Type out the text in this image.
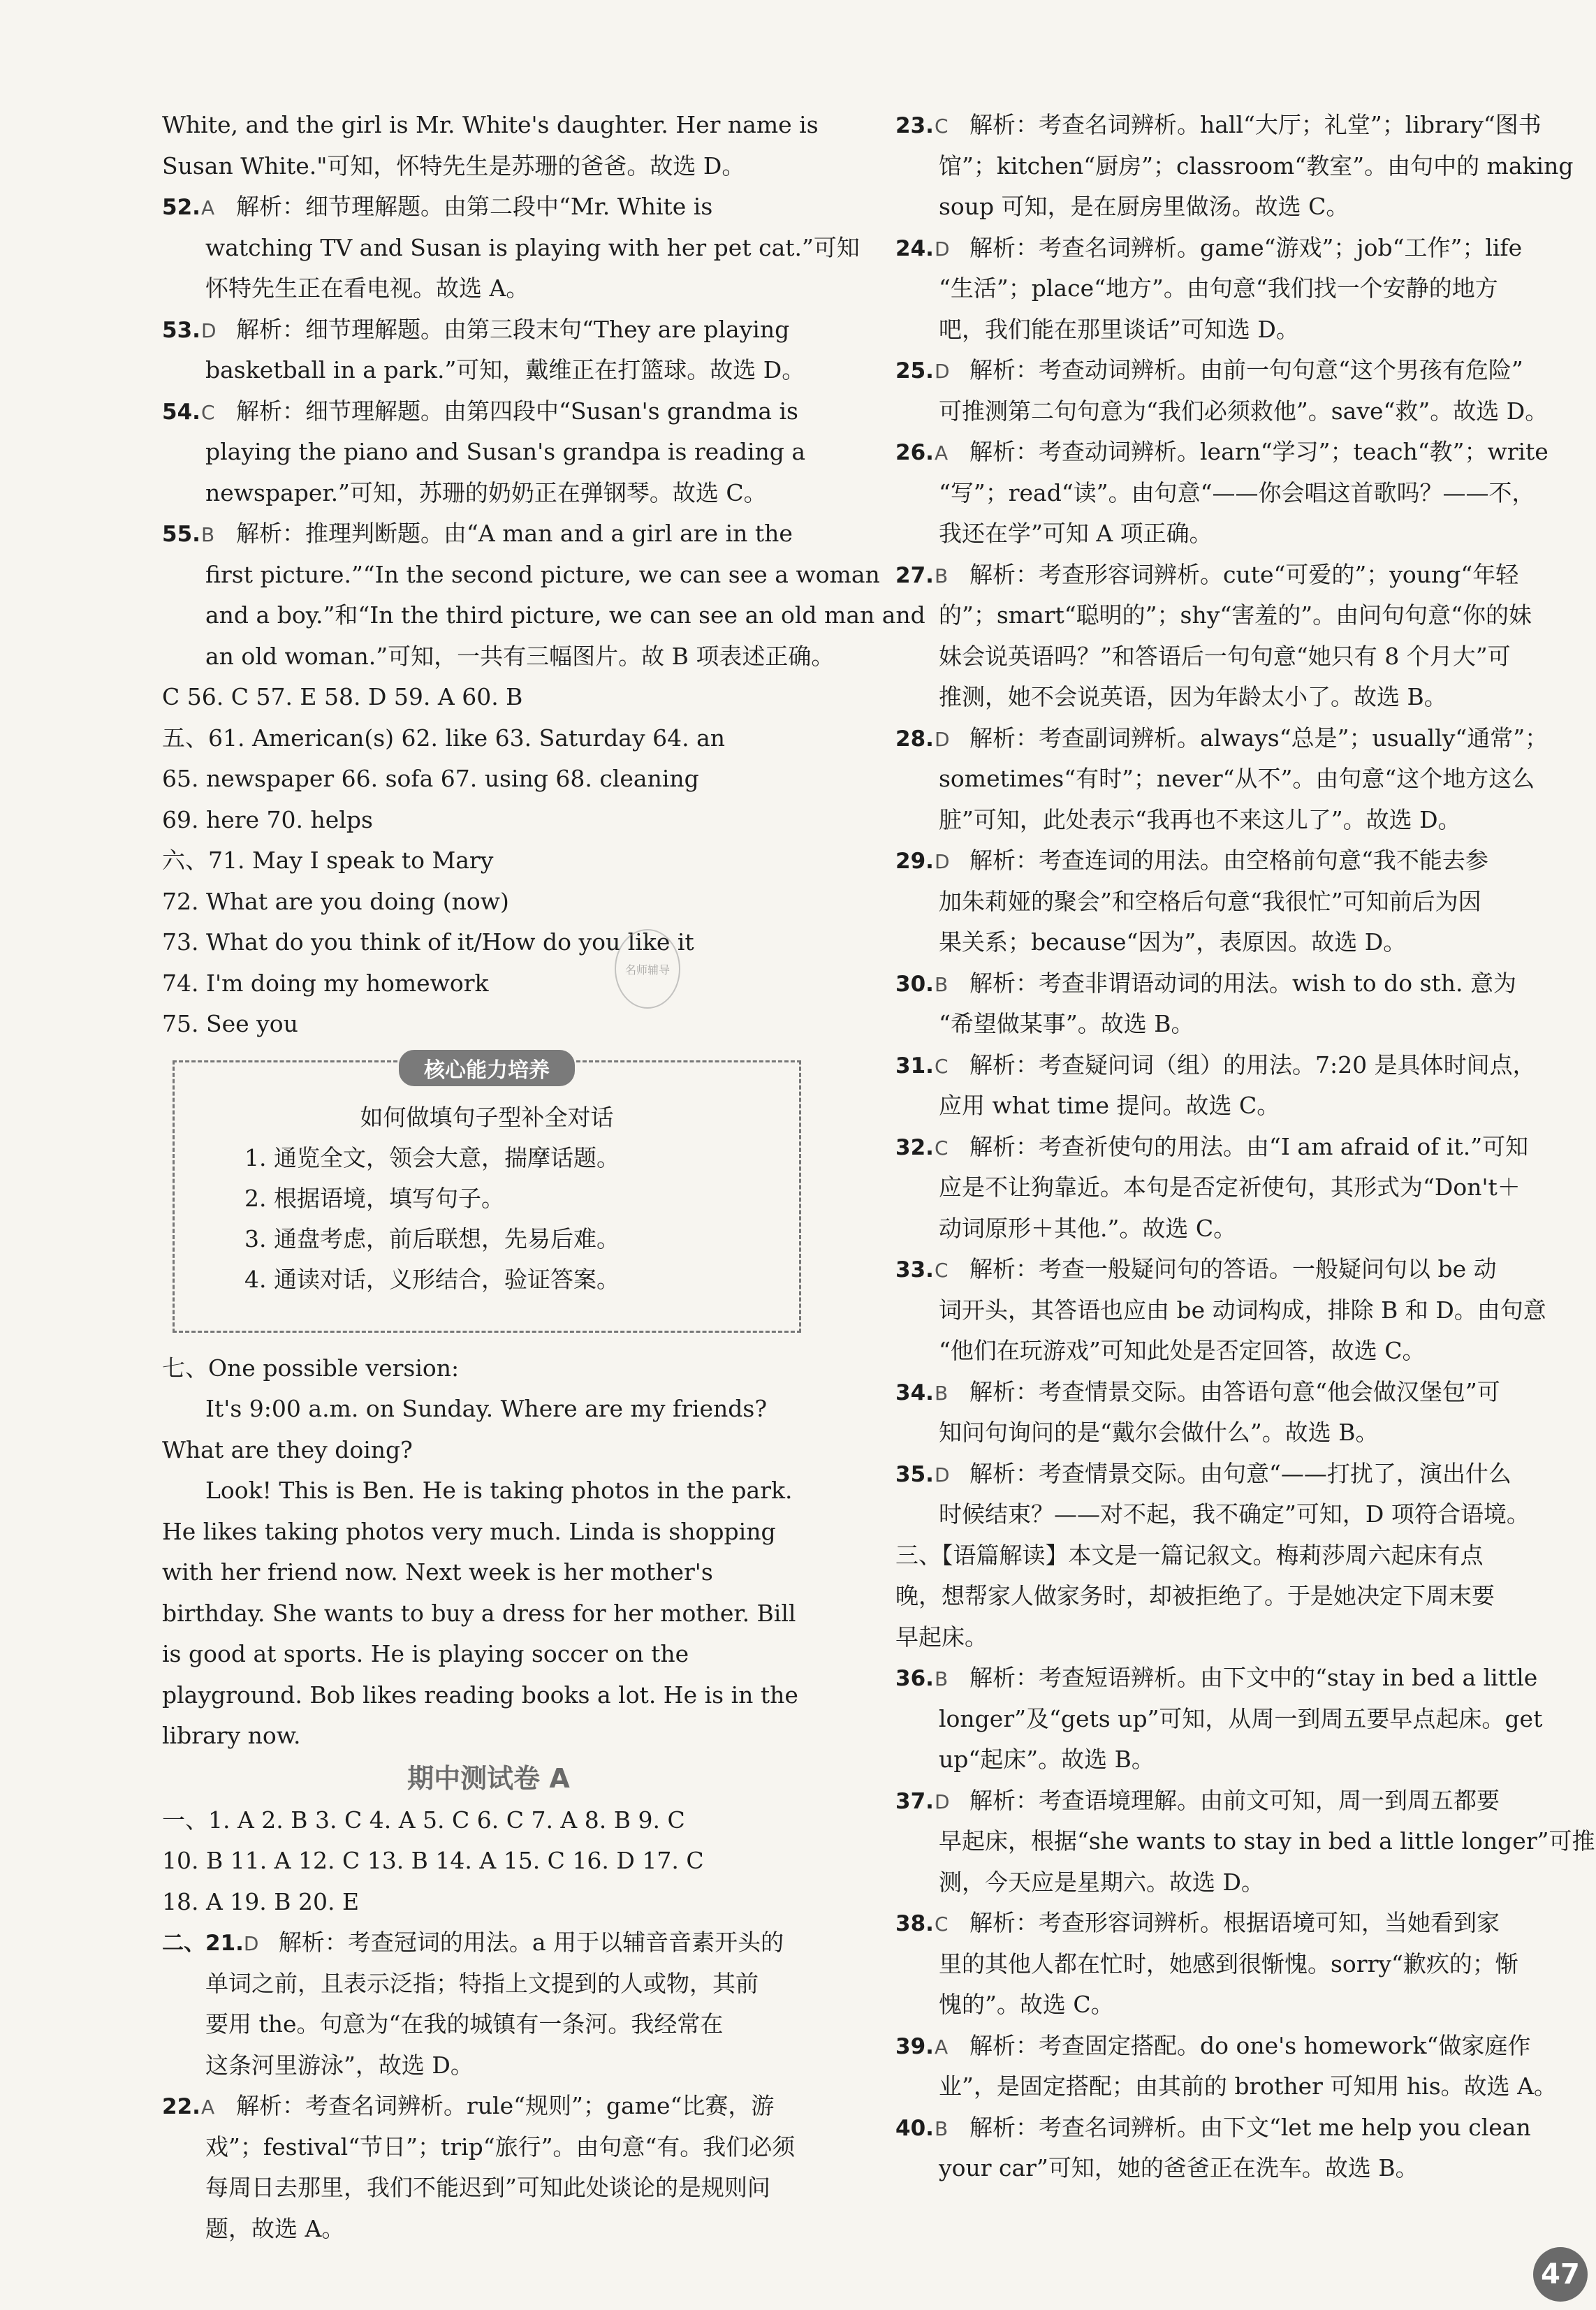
White, and the girl is Mr. White's daughter. Her name is
Susan White."可知，怀特先生是苏珊的爸爸。故选 D。
52.A 解析：细节理解题。由第二段中“Mr. White is
watching TV and Susan is playing with her pet cat.”可知
怀特先生正在看电视。故选 A。
53.D 解析：细节理解题。由第三段末句“They are playing
basketball in a park.”可知，戴维正在打篮球。故选 D。
54.C 解析：细节理解题。由第四段中“Susan's grandma is
playing the piano and Susan's grandpa is reading a
newspaper.”可知，苏珊的奶奶正在弹钢琴。故选 C。
55.B 解析：推理判断题。由“A man and a girl are in the
first picture.”“In the second picture, we can see a woman
and a boy.”和“In the third picture, we can see an old man and
an old woman.”可知，一共有三幅图片。故 B 项表述正确。
C 56. C 57. E 58. D 59. A 60. B
五、61. American(s) 62. like 63. Saturday 64. an
65. newspaper 66. sofa 67. using 68. cleaning
69. here 70. helps
六、71. May I speak to Mary
72. What are you doing (now)
73. What do you think of it/How do you like it
74. I'm doing my homework
75. See you
核心能力培养
如何做填句子型补全对话
1. 通览全文，领会大意，揣摩话题。
2. 根据语境，填写句子。
3. 通盘考虑，前后联想，先易后难。
4. 通读对话，义形结合，验证答案。
七、One possible version:
It's 9:00 a.m. on Sunday. Where are my friends? What are they doing?
Look! This is Ben. He is taking photos in the park. He likes taking photos very much. Linda is shopping with her friend now. Next week is her mother's birthday. She wants to buy a dress for her mother. Bill is good at sports. He is playing soccer on the playground. Bob likes reading books a lot. He is in the library now.
期中测试卷 A
一、1. A 2. B 3. C 4. A 5. C 6. C 7. A 8. B 9. C
10. B 11. A 12. C 13. B 14. A 15. C 16. D 17. C
18. A 19. B 20. E
二、21.D 解析：考查冠词的用法。a 用于以辅音音素开头的
单词之前，且表示泛指；特指上文提到的人或物，其前
要用 the。句意为“在我的城镇有一条河。我经常在
这条河里游泳”，故选 D。
22.A 解析：考查名词辨析。rule“规则”；game“比赛，游
戏”；festival“节日”；trip“旅行”。由句意“有。我们必须
每周日去那里，我们不能迟到”可知此处谈论的是规则问
题，故选 A。
名师辅导
23.C 解析：考查名词辨析。hall“大厅；礼堂”；library“图书
馆”；kitchen“厨房”；classroom“教室”。由句中的 making
soup 可知，是在厨房里做汤。故选 C。
24.D 解析：考查名词辨析。game“游戏”；job“工作”；life
“生活”；place“地方”。由句意“我们找一个安静的地方
吧，我们能在那里谈话”可知选 D。
25.D 解析：考查动词辨析。由前一句句意“这个男孩有危险”
可推测第二句句意为“我们必须救他”。save“救”。故选 D。
26.A 解析：考查动词辨析。learn“学习”；teach“教”；write
“写”；read“读”。由句意“——你会唱这首歌吗？——不，
我还在学”可知 A 项正确。
27.B 解析：考查形容词辨析。cute“可爱的”；young“年轻
的”；smart“聪明的”；shy“害羞的”。由问句句意“你的妹
妹会说英语吗？”和答语后一句句意“她只有 8 个月大”可
推测，她不会说英语，因为年龄太小了。故选 B。
28.D 解析：考查副词辨析。always“总是”；usually“通常”；
sometimes“有时”；never“从不”。由句意“这个地方这么
脏”可知，此处表示“我再也不来这儿了”。故选 D。
29.D 解析：考查连词的用法。由空格前句意“我不能去参
加朱莉娅的聚会”和空格后句意“我很忙”可知前后为因
果关系；because“因为”，表原因。故选 D。
30.B 解析：考查非谓语动词的用法。wish to do sth. 意为
“希望做某事”。故选 B。
31.C 解析：考查疑问词（组）的用法。7:20 是具体时间点，
应用 what time 提问。故选 C。
32.C 解析：考查祈使句的用法。由“I am afraid of it.”可知
应是不让狗靠近。本句是否定祈使句，其形式为“Don't＋
动词原形＋其他.”。故选 C。
33.C 解析：考查一般疑问句的答语。一般疑问句以 be 动
词开头，其答语也应由 be 动词构成，排除 B 和 D。由句意
“他们在玩游戏”可知此处是否定回答，故选 C。
34.B 解析：考查情景交际。由答语句意“他会做汉堡包”可
知问句询问的是“戴尔会做什么”。故选 B。
35.D 解析：考查情景交际。由句意“——打扰了，演出什么
时候结束？——对不起，我不确定”可知，D 项符合语境。
三、【语篇解读】本文是一篇记叙文。梅莉莎周六起床有点
晚，想帮家人做家务时，却被拒绝了。于是她决定下周末要
早起床。
36.B 解析：考查短语辨析。由下文中的“stay in bed a little
longer”及“gets up”可知，从周一到周五要早点起床。get
up“起床”。故选 B。
37.D 解析：考查语境理解。由前文可知，周一到周五都要
早起床，根据“she wants to stay in bed a little longer”可推
测，今天应是星期六。故选 D。
38.C 解析：考查形容词辨析。根据语境可知，当她看到家
里的其他人都在忙时，她感到很惭愧。sorry“歉疚的；惭
愧的”。故选 C。
39.A 解析：考查固定搭配。do one's homework“做家庭作
业”，是固定搭配；由其前的 brother 可知用 his。故选 A。
40.B 解析：考查名词辨析。由下文“let me help you clean
your car”可知，她的爸爸正在洗车。故选 B。
47
